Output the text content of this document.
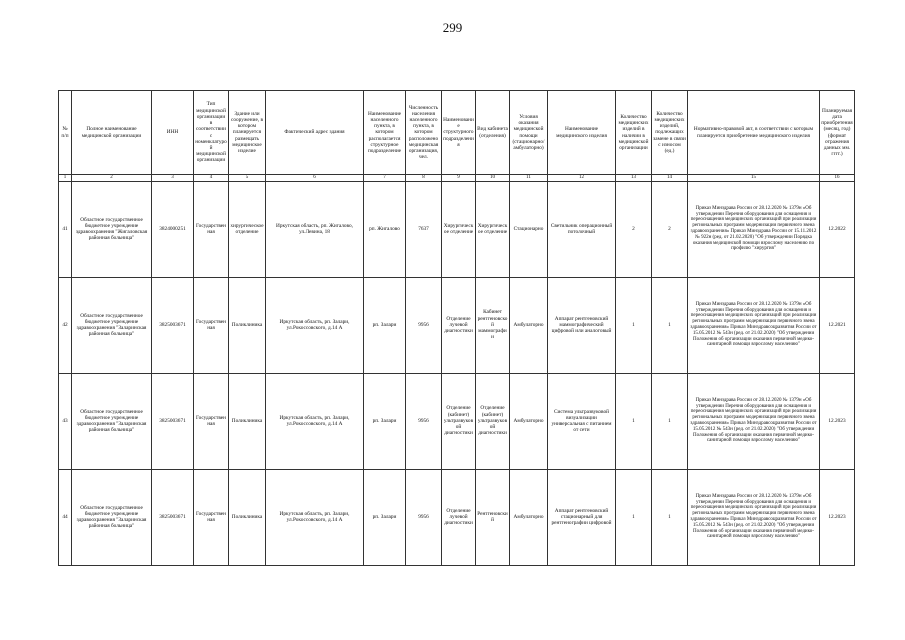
299
№ п/п	Полное наименование медицинской организации	ИНН	Тип медицинской организации в соответствии с номенклатурой медицинской организации	Здание или сооружение, в котором планируется размещать медицинское изделие	Фактический адрес здания	Наименование населенного пункта, в котором располагается структурное подразделение	Численность населения населенного пункта, в котором расположено медицинская организация, чел.	Наименование структурного подразделения	Вид кабинета (отделения)	Условия оказания медицинской помощи (стационарно/амбулаторно)	Наименование медицинского изделия	Количество медицинских изделий в наличии в медицинской организации	Количество медицинских изделий, подлежащих замене в связи с износом (ед.)	Нормативно-правовой акт, в соответствии с которым планируется приобретение медицинского изделия	Планируемая дата приобретения (месяц, год) (формат отражения данных мм. гггг.)
1	2	3	4	5	6	7	8	9	10	11	12	13	14	15	16
41	Областное государственное бюджетное учреждение здравоохранения "Жигаловская районная больница"	3824000251	Государственная	хирургическое отделение	Иркутская область, рп. Жигалово, ул.Левина, 18	рп. Жигалово	7637	Хирургическое отделение	Хирургическое отделение	Стационарно	Светильник операционный потолочный	2	2	Приказ Минздрава России от 28.12.2020 № 1379н «Об утверждении Перечня оборудования для оснащения и переоснащения медицинских организаций при реализации региональных программ модернизации первичного звена здравоохранения» Приказ Минздрава России от 15.11.2012 № 922н (ред. от 21.02.2020) "Об утверждении Порядка оказания медицинской помощи взрослому населению по профилю "хирургия"	12.2022
42	Областное государственное бюджетное учреждение здравоохранения "Заларинская районная больница"	3825003671	Государственная	Поликлиника	Иркутская область, рп. Залари, ул.Рокоссовского, д.14 А	рп. Залари	9956	Отделение лучевой диагностики	Кабинет рентгеновской маммографии	Амбулаторно	Аппарат рентгеновский маммографический цифровой или аналоговый	1	1	Приказ Минздрава России от 28.12.2020 № 1379н «Об утверждении Перечня оборудования для оснащения и переоснащения медицинских организаций при реализации региональных программ модернизации первичного звена здравоохранения» Приказ Минздравсоцразвития России от 15.05.2012 № 543н (ред. от 21.02.2020) "Об утверждении Положения об организации оказания первичной медико-санитарной помощи взрослому населению"	12.2021
43	Областное государственное бюджетное учреждение здравоохранения "Заларинская районная больница"	3825003671	Государственная	Поликлиника	Иркутская область, рп. Залари, ул.Рокоссовского, д.14 А	рп. Залари	9956	Отделение (кабинет) ультразвуковой диагностики	Отделение (кабинет) ультразвуковой диагностики	Амбулаторно	Система ультразвуковой визуализации универсальная с питанием от сети	1	1	Приказ Минздрава России от 28.12.2020 № 1379н «Об утверждении Перечня оборудования для оснащения и переоснащения медицинских организаций при реализации региональных программ модернизации первичного звена здравоохранения» Приказ Минздравсоцразвития России от 15.05.2012 № 543н (ред. от 21.02.2020) "Об утверждении Положения об организации оказания первичной медико-санитарной помощи взрослому населению"	12.2023
44	Областное государственное бюджетное учреждение здравоохранения "Заларинская районная больница"	3825003671	Государственная	Поликлиника	Иркутская область, рп. Залари, ул.Рокоссовского, д.14 А	рп. Залари	9956	Отделение лучевой диагностики	Рентгеновский	Амбулаторно	Аппарат рентгеновский стационарный для рентгенографии цифровой	1	1	Приказ Минздрава России от 28.12.2020 № 1379н «Об утверждении Перечня оборудования для оснащения и переоснащения медицинских организаций при реализации региональных программ модернизации первичного звена здравоохранения» Приказ Минздравсоцразвития России от 15.05.2012 № 543н (ред. от 21.02.2020) "Об утверждении Положения об организации оказания первичной медико-санитарной помощи взрослому населению"	12.2023
